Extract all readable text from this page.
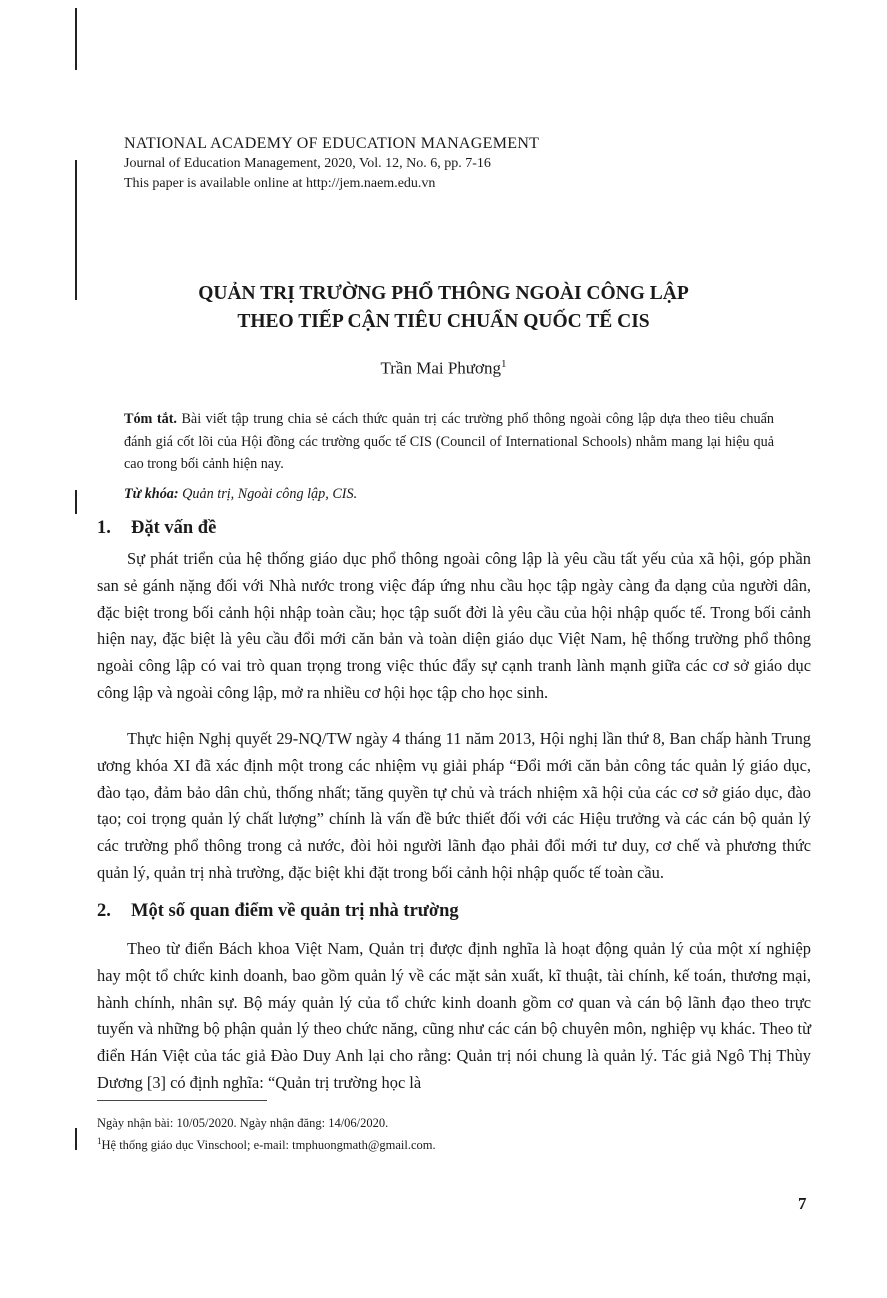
NATIONAL ACADEMY OF EDUCATION MANAGEMENT
Journal of Education Management, 2020, Vol. 12, No. 6, pp. 7-16
This paper is available online at http://jem.naem.edu.vn
QUẢN TRỊ TRƯỜNG PHỔ THÔNG NGOÀI CÔNG LẬP
THEO TIẾP CẬN TIÊU CHUẨN QUỐC TẾ CIS
Trần Mai Phương$^1$
Tóm tắt. Bài viết tập trung chia sẻ cách thức quản trị các trường phổ thông ngoài công lập dựa theo tiêu chuẩn đánh giá cốt lõi của Hội đồng các trường quốc tế CIS (Council of International Schools) nhằm mang lại hiệu quả cao trong bối cảnh hiện nay.
Từ khóa: Quản trị, Ngoài công lập, CIS.
1. Đặt vấn đề

Sự phát triển của hệ thống giáo dục phổ thông ngoài công lập là yêu cầu tất yếu của xã hội, góp phần san sẻ gánh nặng đối với Nhà nước trong việc đáp ứng nhu cầu học tập ngày càng đa dạng của người dân, đặc biệt trong bối cảnh hội nhập toàn cầu; học tập suốt đời là yêu cầu của hội nhập quốc tế. Trong bối cảnh hiện nay, đặc biệt là yêu cầu đổi mới căn bản và toàn diện giáo dục Việt Nam, hệ thống trường phổ thông ngoài công lập có vai trò quan trọng trong việc thúc đẩy sự cạnh tranh lành mạnh giữa các cơ sở giáo dục công lập và ngoài công lập, mở ra nhiều cơ hội học tập cho học sinh.

Thực hiện Nghị quyết 29-NQ/TW ngày 4 tháng 11 năm 2013, Hội nghị lần thứ 8, Ban chấp hành Trung ương khóa XI đã xác định một trong các nhiệm vụ giải pháp “Đổi mới căn bản công tác quản lý giáo dục, đào tạo, đảm bảo dân chủ, thống nhất; tăng quyền tự chủ và trách nhiệm xã hội của các cơ sở giáo dục, đào tạo; coi trọng quản lý chất lượng” chính là vấn đề bức thiết đối với các Hiệu trưởng và các cán bộ quản lý các trường phổ thông trong cả nước, đòi hỏi người lãnh đạo phải đổi mới tư duy, cơ chế và phương thức quản lý, quản trị nhà trường, đặc biệt khi đặt trong bối cảnh hội nhập quốc tế toàn cầu.

2. Một số quan điểm về quản trị nhà trường

Theo từ điển Bách khoa Việt Nam, Quản trị được định nghĩa là hoạt động quản lý của một xí nghiệp hay một tổ chức kinh doanh, bao gồm quản lý về các mặt sản xuất, kĩ thuật, tài chính, kế toán, thương mại, hành chính, nhân sự. Bộ máy quản lý của tổ chức kinh doanh gồm cơ quan và cán bộ lãnh đạo theo trực tuyến và những bộ phận quản lý theo chức năng, cũng như các cán bộ chuyên môn, nghiệp vụ khác. Theo từ điển Hán Việt của tác giả Đào Duy Anh lại cho rằng: Quản trị nói chung là quản lý. Tác giả Ngô Thị Thùy Dương [3] có định nghĩa: “Quản trị trường học là

Ngày nhận bài: 10/05/2020. Ngày nhận đăng: 14/06/2020.
$^1$Hệ thống giáo dục Vinschool; e-mail: tmphuongmath@gmail.com.
7
